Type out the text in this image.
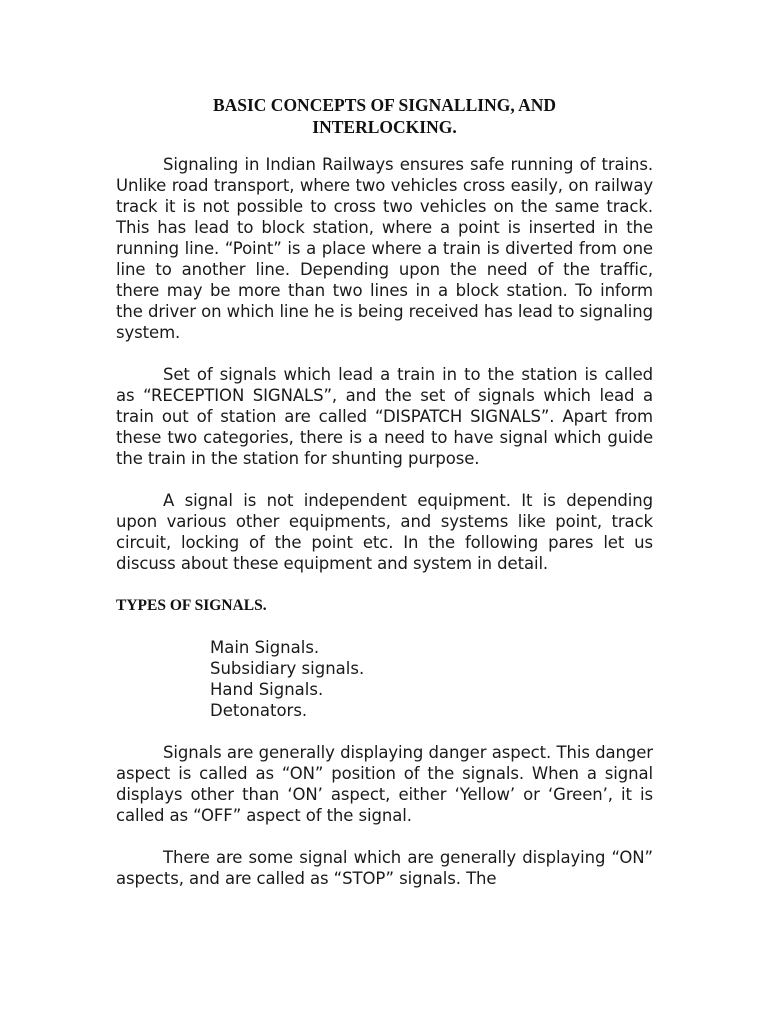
BASIC CONCEPTS OF SIGNALLING, AND
INTERLOCKING.

Signaling in Indian Railways ensures safe running of trains. Unlike road transport, where two vehicles cross easily, on railway track it is not possible to cross two vehicles on the same track. This has lead to block station, where a point is inserted in the running line. “Point” is a place where a train is diverted from one line to another line. Depending upon the need of the traffic, there may be more than two lines in a block station. To inform the driver on which line he is being received has lead to signaling system.

Set of signals which lead a train in to the station is called as “RECEPTION SIGNALS”, and the set of signals which lead a train out of station are called “DISPATCH SIGNALS”. Apart from these two categories, there is a need to have signal which guide the train in the station for shunting purpose.

A signal is not independent equipment. It is depending upon various other equipments, and systems like point, track circuit, locking of the point etc. In the following pares let us discuss about these equipment and system in detail.

TYPES OF SIGNALS.
Main Signals.
Subsidiary signals.
Hand Signals.
Detonators.

Signals are generally displaying danger aspect. This danger aspect is called as “ON” position of the signals. When a signal displays other than ‘ON’ aspect, either ‘Yellow’ or ‘Green’, it is called as “OFF” aspect of the signal.

There are some signal which are generally displaying “ON” aspects, and are called as “STOP” signals. The
